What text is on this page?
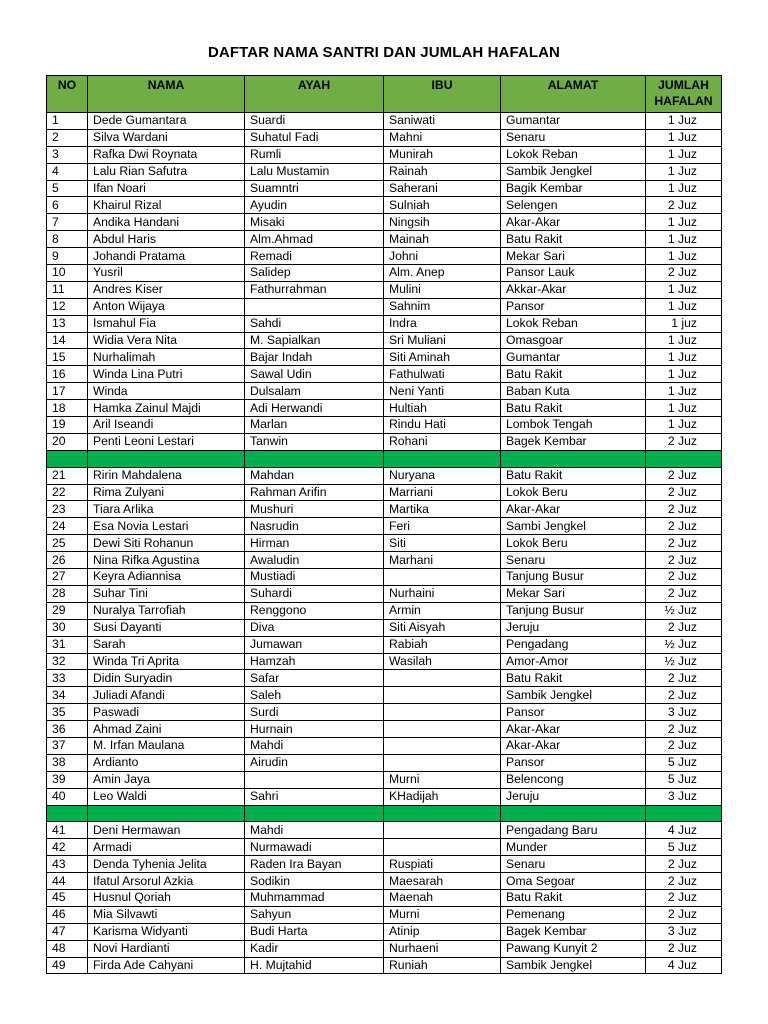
DAFTAR NAMA SANTRI DAN JUMLAH HAFALAN
NO	NAMA	AYAH	IBU	ALAMAT	JUMLAH HAFALAN
1	Dede Gumantara	Suardi	Saniwati	Gumantar	1 Juz
2	Silva Wardani	Suhatul Fadi	Mahni	Senaru	1 Juz
3	Rafka Dwi Roynata	Rumli	Munirah	Lokok Reban	1 Juz
4	Lalu Rian Safutra	Lalu Mustamin	Rainah	Sambik Jengkel	1 Juz
5	Ifan Noari	Suamntri	Saherani	Bagik Kembar	1 Juz
6	Khairul Rizal	Ayudin	Sulniah	Selengen	2 Juz
7	Andika Handani	Misaki	Ningsih	Akar-Akar	1 Juz
8	Abdul Haris	Alm.Ahmad	Mainah	Batu Rakit	1 Juz
9	Johandi Pratama	Remadi	Johni	Mekar Sari	1 Juz
10	Yusril	Salidep	Alm. Anep	Pansor Lauk	2 Juz
11	Andres Kiser	Fathurrahman	Mulini	Akkar-Akar	1 Juz
12	Anton Wijaya		Sahnim	Pansor	1 Juz
13	Ismahul Fia	Sahdi	Indra	Lokok Reban	1 juz
14	Widia Vera Nita	M. Sapialkan	Sri Muliani	Omasgoar	1 Juz
15	Nurhalimah	Bajar Indah	Siti Aminah	Gumantar	1 Juz
16	Winda Lina Putri	Sawal Udin	Fathulwati	Batu Rakit	1 Juz
17	Winda	Dulsalam	Neni Yanti	Baban Kuta	1 Juz
18	Hamka Zainul Majdi	Adi Herwandi	Hultiah	Batu Rakit	1 Juz
19	Aril Iseandi	Marlan	Rindu Hati	Lombok Tengah	1 Juz
20	Penti Leoni Lestari	Tanwin	Rohani	Bagek Kembar	2 Juz

21	Ririn Mahdalena	Mahdan	Nuryana	Batu Rakit	2 Juz
22	Rima Zulyani	Rahman Arifin	Marriani	Lokok Beru	2 Juz
23	Tiara Arlika	Mushuri	Martika	Akar-Akar	2 Juz
24	Esa Novia Lestari	Nasrudin	Feri	Sambi Jengkel	2 Juz
25	Dewi Siti Rohanun	Hirman	Siti	Lokok Beru	2 Juz
26	Nina Rifka Agustina	Awaludin	Marhani	Senaru	2 Juz
27	Keyra Adiannisa	Mustiadi		Tanjung Busur	2 Juz
28	Suhar Tini	Suhardi	Nurhaini	Mekar Sari	2 Juz
29	Nuralya Tarrofiah	Renggono	Armin	Tanjung Busur	½ Juz
30	Susi Dayanti	Diva	Siti Aisyah	Jeruju	2 Juz
31	Sarah	Jumawan	Rabiah	Pengadang	½ Juz
32	Winda Tri Aprita	Hamzah	Wasilah	Amor-Amor	½ Juz
33	Didin Suryadin	Safar		Batu Rakit	2 Juz
34	Juliadi Afandi	Saleh		Sambik Jengkel	2 Juz
35	Paswadi	Surdi		Pansor	3 Juz
36	Ahmad Zaini	Hurnain		Akar-Akar	2 Juz
37	M. Irfan Maulana	Mahdi		Akar-Akar	2 Juz
38	Ardianto	Airudin		Pansor	5 Juz
39	Amin Jaya		Murni	Belencong	5 Juz
40	Leo Waldi	Sahri	KHadijah	Jeruju	3 Juz

41	Deni Hermawan	Mahdi		Pengadang Baru	4 Juz
42	Armadi	Nurmawadi		Munder	5 Juz
43	Denda Tyhenia Jelita	Raden Ira Bayan	Ruspiati	Senaru	2 Juz
44	Ifatul Arsorul Azkia	Sodikin	Maesarah	Oma Segoar	2 Juz
45	Husnul Qoriah	Muhmammad	Maenah	Batu Rakit	2 Juz
46	Mia Silvawti	Sahyun	Murni	Pemenang	2 Juz
47	Karisma Widyanti	Budi Harta	Atinip	Bagek Kembar	3 Juz
48	Novi Hardianti	Kadir	Nurhaeni	Pawang Kunyit 2	2 Juz
49	Firda Ade Cahyani	H. Mujtahid	Runiah	Sambik Jengkel	4 Juz
